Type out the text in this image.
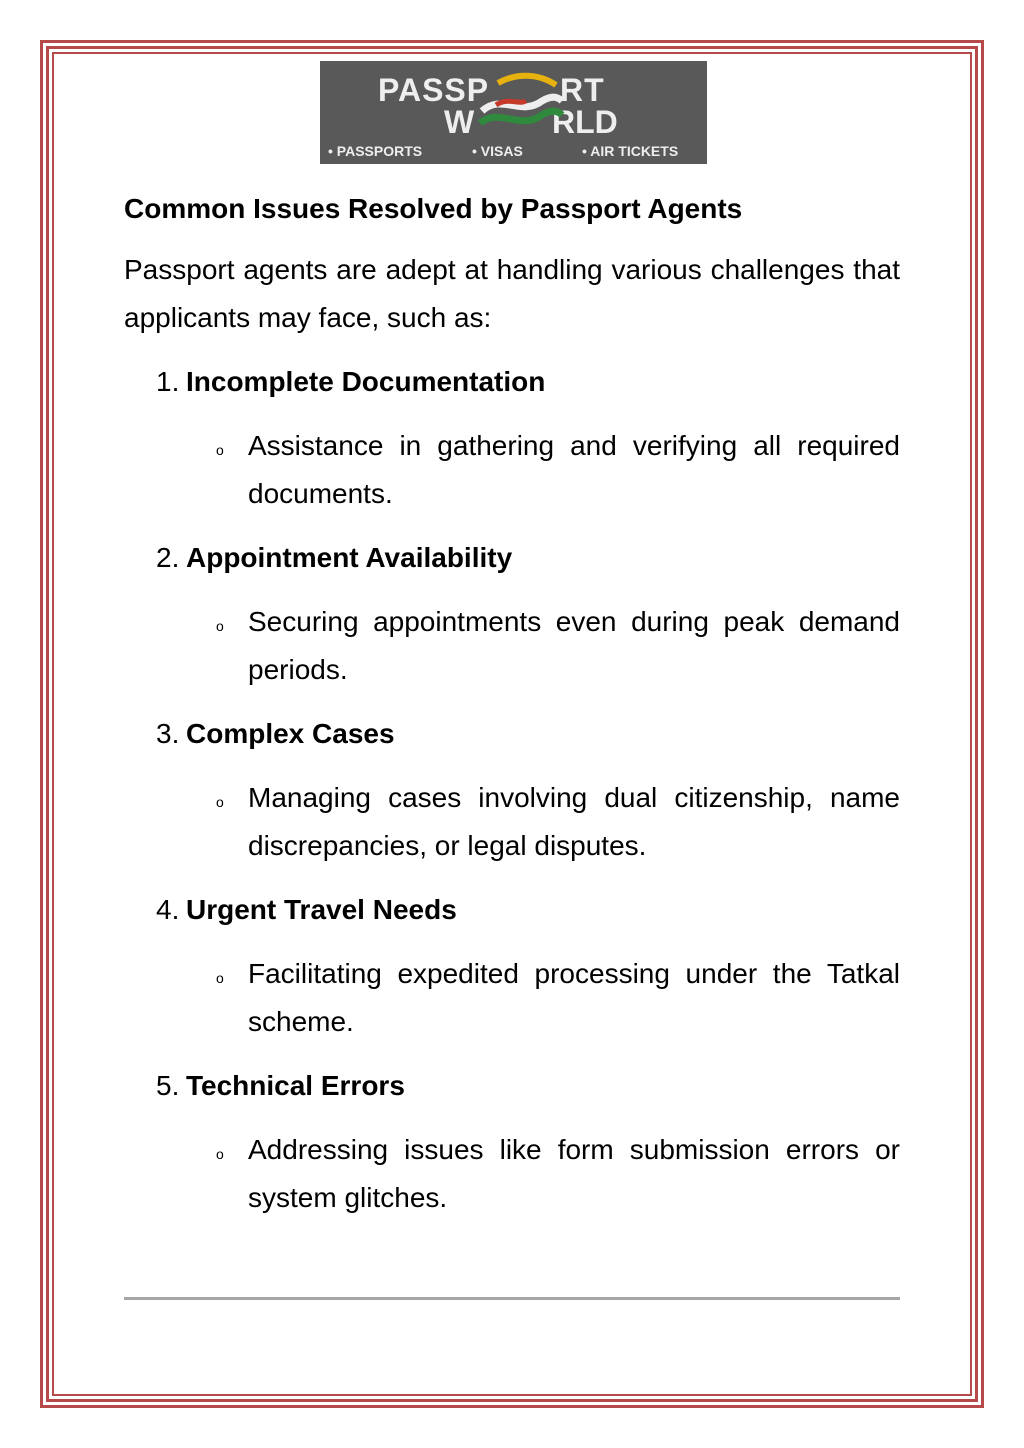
PASSP RT
W RLD
• PASSPORTS	• VISAS	• AIR TICKETS
Common Issues Resolved by Passport Agents
Passport agents are adept at handling various challenges that applicants may face, such as:
1. Incomplete Documentation
o Assistance in gathering and verifying all required documents.
2. Appointment Availability
o Securing appointments even during peak demand periods.
3. Complex Cases
o Managing cases involving dual citizenship, name discrepancies, or legal disputes.
4. Urgent Travel Needs
o Facilitating expedited processing under the Tatkal scheme.
5. Technical Errors
o Addressing issues like form submission errors or system glitches.
